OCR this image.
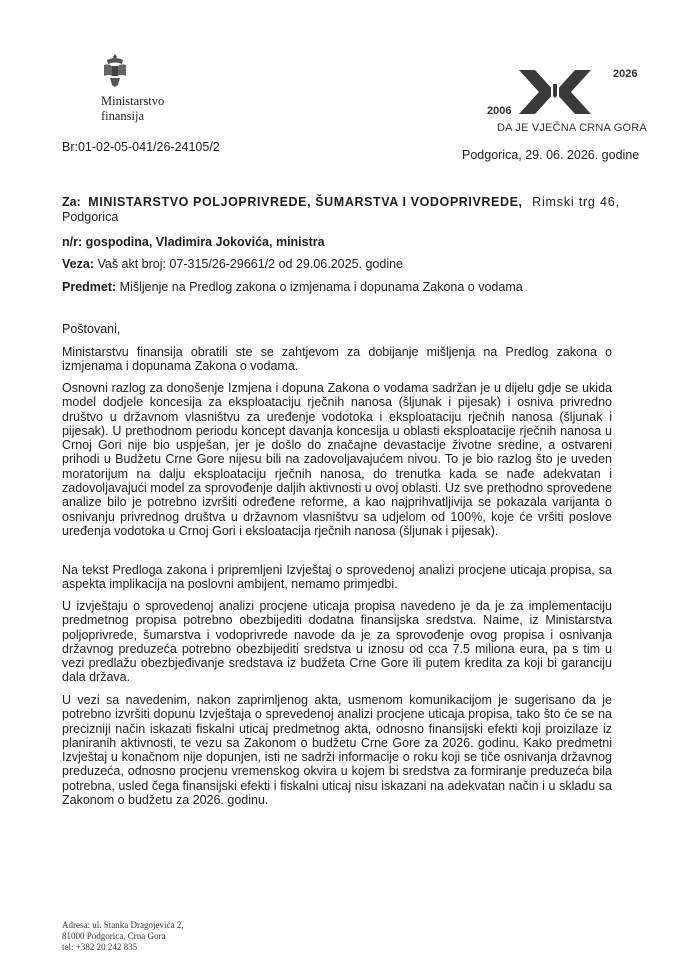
Ministarstvo
finansija
2026
2006
DA JE VJEČNA CRNA GORA
Br:01-02-05-041/26-24105/2
Podgorica, 29. 06. 2026. godine
Za: MINISTARSTVO POLJOPRIVREDE, ŠUMARSTVA I VODOPRIVREDE, Rimski trg 46,
Podgorica
n/r: gospodina, Vladimira Jokovića, ministra
Veza: Vaš akt broj: 07-315/26-29661/2 od 29.06.2025. godine
Predmet: Mišljenje na Predlog zakona o izmjenama i dopunama Zakona o vodama
Poštovani,
Ministarstvu finansija obratili ste se zahtjevom za dobijanje mišljenja na Predlog zakona o izmjenama i dopunama Zakona o vodama.
Osnovni razlog za donošenje Izmjena i dopuna Zakona o vodama sadržan je u dijelu gdje se ukida model dodjele koncesija za eksploataciju rječnih nanosa (šljunak i pijesak) i osniva privredno društvo u državnom vlasništvu za uređenje vodotoka i eksploataciju rječnih nanosa (šljunak i pijesak). U prethodnom periodu koncept davanja koncesija u oblasti eksploatacije rječnih nanosa u Crnoj Gori nije bio uspješan, jer je došlo do značajne devastacije životne sredine, a ostvareni prihodi u Budžetu Crne Gore nijesu bili na zadovoljavajućem nivou. To je bio razlog što je uveden moratorijum na dalju eksploataciju rječnih nanosa, do trenutka kada se nađe adekvatan i zadovoljavajući model za sprovođenje daljih aktivnosti u ovoj oblasti. Uz sve prethodno sprovedene analize bilo je potrebno izvršiti određene reforme, a kao najprihvatljivija se pokazala varijanta o osnivanju privrednog društva u državnom vlasništvu sa udjelom od 100%, koje će vršiti poslove uređenja vodotoka u Crnoj Gori i eksloatacija rječnih nanosa (šljunak i pijesak).
Na tekst Predloga zakona i pripremljeni Izvještaj o sprovedenoj analizi procjene uticaja propisa, sa aspekta implikacija na poslovni ambijent, nemamo primjedbi.
U izvještaju o sprovedenoj analizi procjene uticaja propisa navedeno je da je za implementaciju predmetnog propisa potrebno obezbijediti dodatna finansijska sredstva. Naime, iz Ministarstva poljoprivrede, šumarstva i vodoprivrede navode da je za sprovođenje ovog propisa i osnivanja državnog preduzeća potrebno obezbijediti sredstva u iznosu od cca 7.5 miliona eura, pa s tim u vezi predlažu obezbjeđivanje sredstava iz budžeta Crne Gore ili putem kredita za koji bi garanciju dala država.
U vezi sa navedenim, nakon zaprimljenog akta, usmenom komunikacijom je sugerisano da je potrebno izvršiti dopunu Izvještaja o sprevedenoj analizi procjene uticaja propisa, tako što će se na precizniji način iskazati fiskalni uticaj predmetnog akta, odnosno finansijski efekti koji proizilaze iz planiranih aktivnosti, te vezu sa Zakonom o budžetu Crne Gore za 2026. godinu. Kako predmetni Izvještaj u konačnom nije dopunjen, isti ne sadrži informacije o roku koji se tiče osnivanja državnog preduzeća, odnosno procjenu vremenskog okvira u kojem bi sredstva za formiranje preduzeća bila potrebna, usled čega finansijski efekti i fiskalni uticaj nisu iskazani na adekvatan način i u skladu sa Zakonom o budžetu za 2026. godinu.
Adresa: ul. Stanka Dragojevića 2,
81000 Podgorica, Crna Gora
tel: +382 20 242 835
